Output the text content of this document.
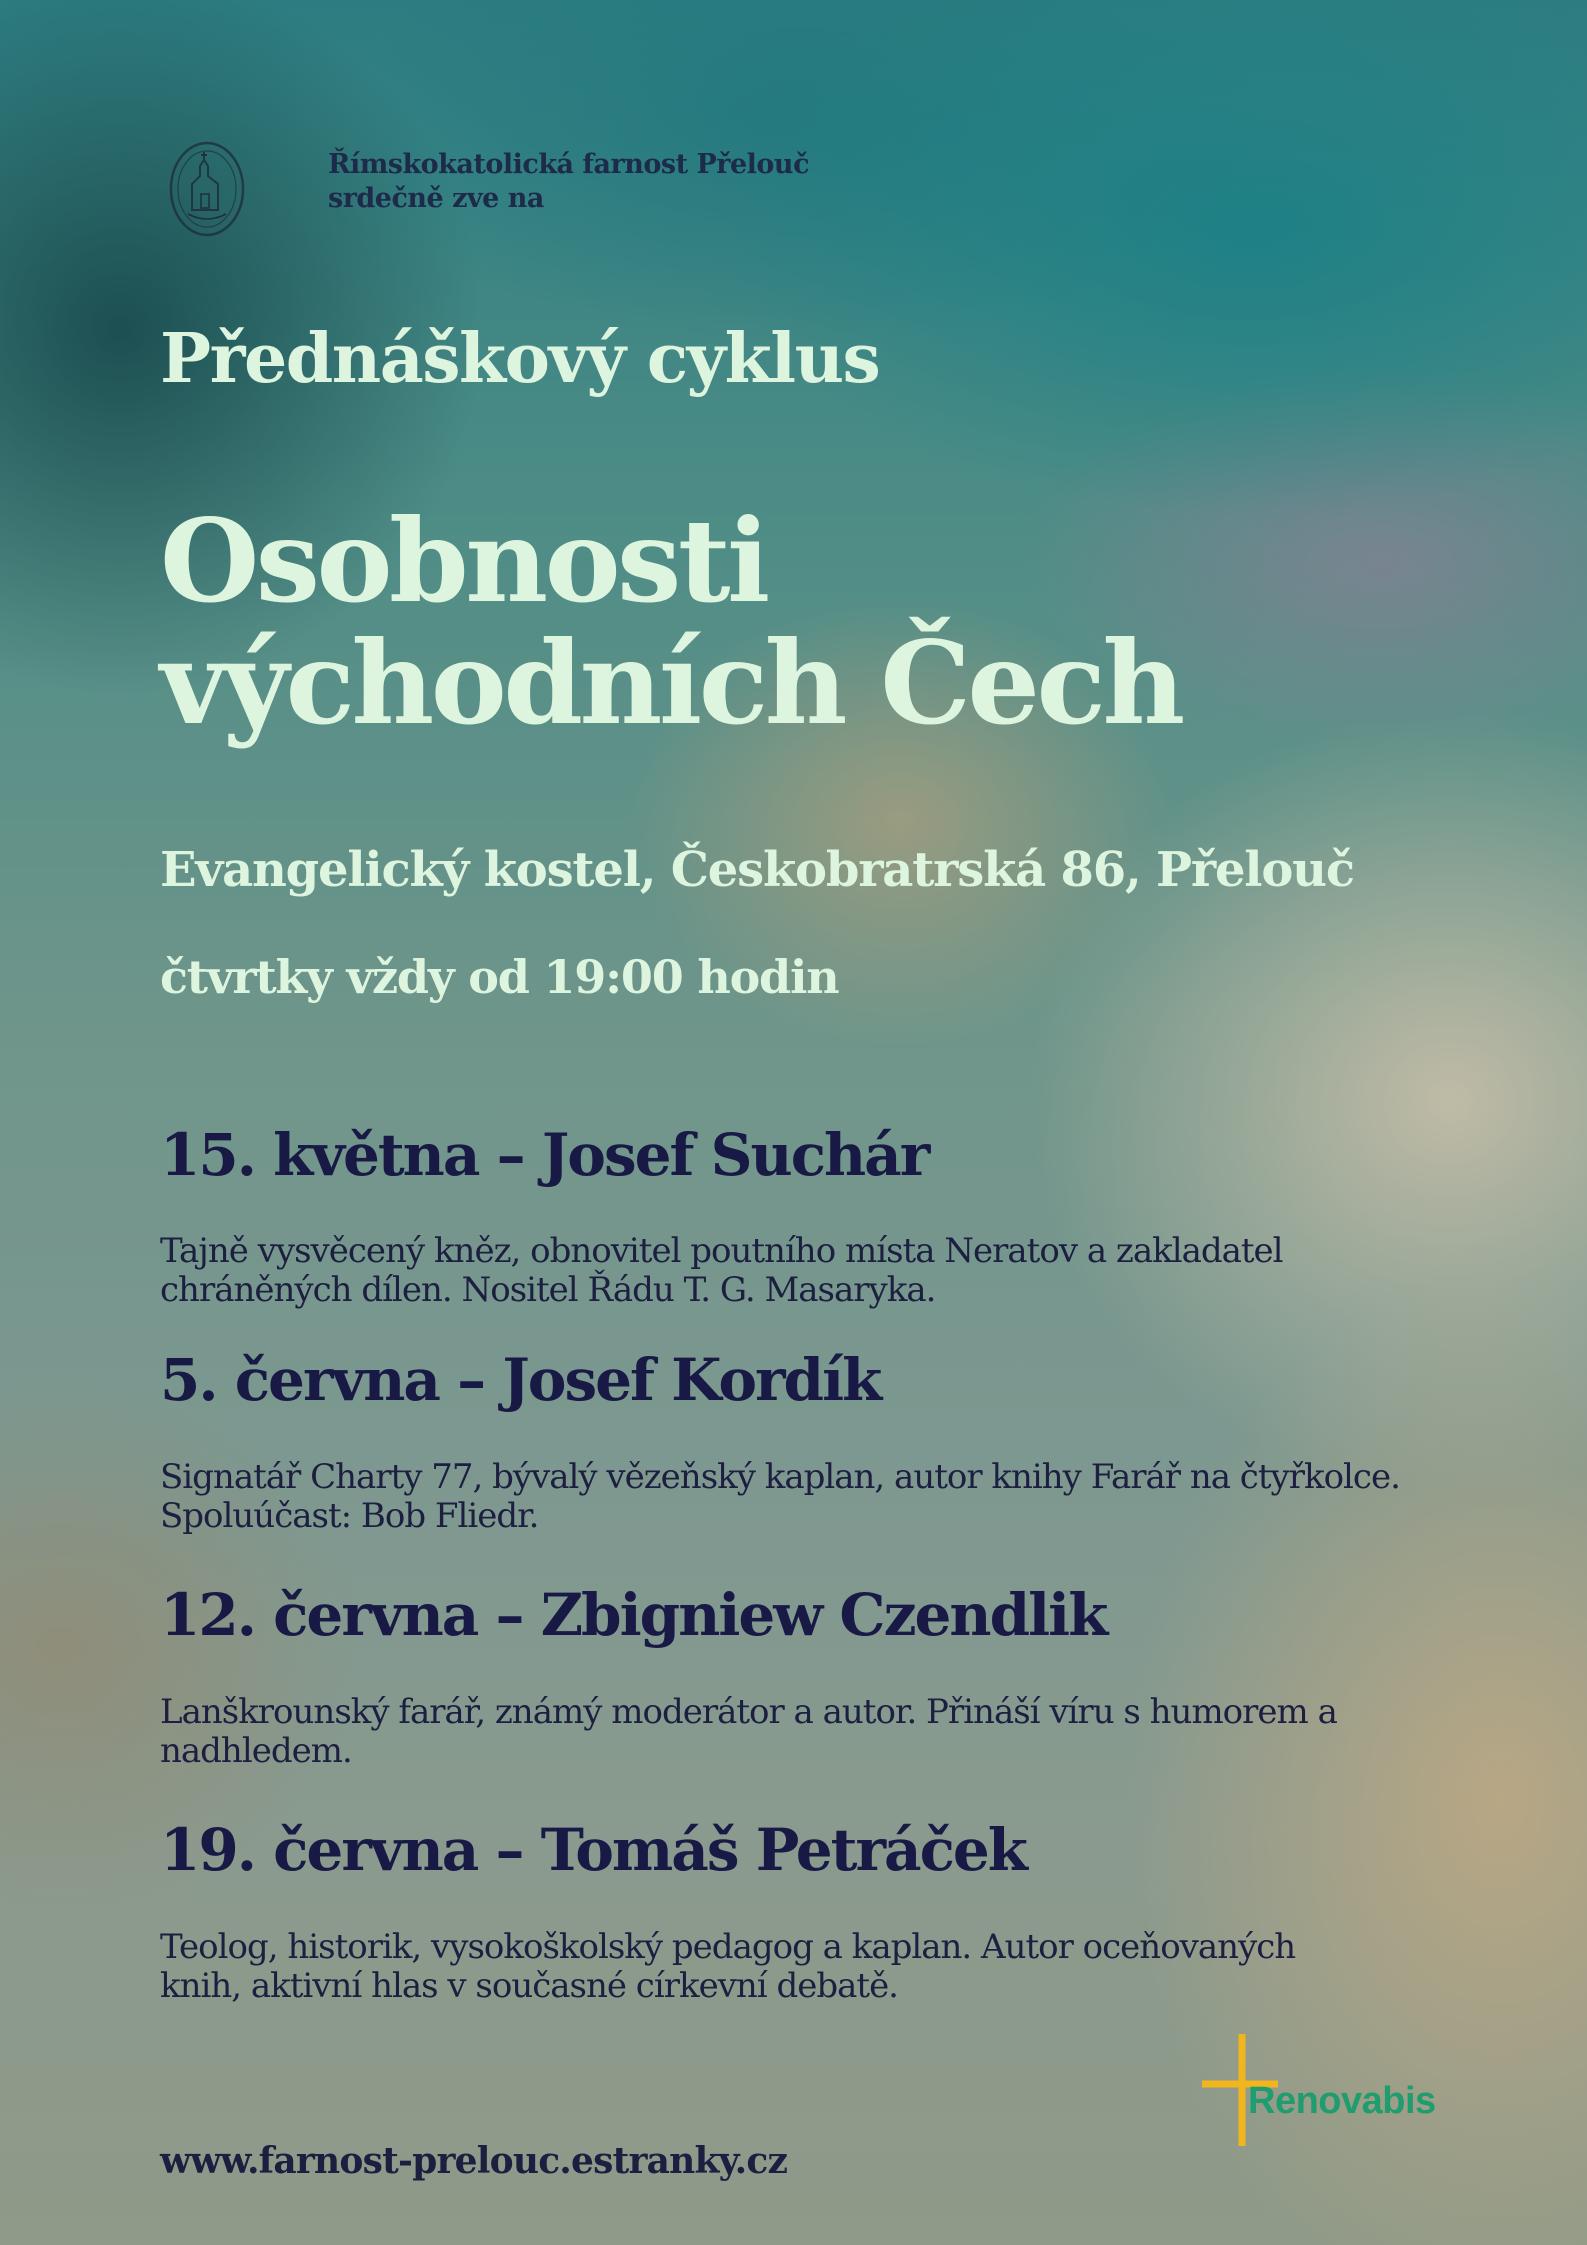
Římskokatolická farnost Přelouč
srdečně zve na
Přednáškový cyklus
Osobnosti
východních Čech
Evangelický kostel, Českobratrská 86, Přelouč
čtvrtky vždy od 19:00 hodin
15. května – Josef Suchár

Tajně vysvěcený kněz, obnovitel poutního místa Neratov a zakladatel
chráněných dílen. Nositel Řádu T. G. Masaryka.

5. června – Josef Kordík

Signatář Charty 77, bývalý vězeňský kaplan, autor knihy Farář na čtyřkolce.
Spoluúčast: Bob Fliedr.

12. června – Zbigniew Czendlik

Lanškrounský farář, známý moderátor a autor. Přináší víru s humorem a
nadhledem.

19. června – Tomáš Petráček

Teolog, historik, vysokoškolský pedagog a kaplan. Autor oceňovaných
knih, aktivní hlas v současné církevní debatě.

Renovabis
www.farnost-prelouc.estranky.cz
